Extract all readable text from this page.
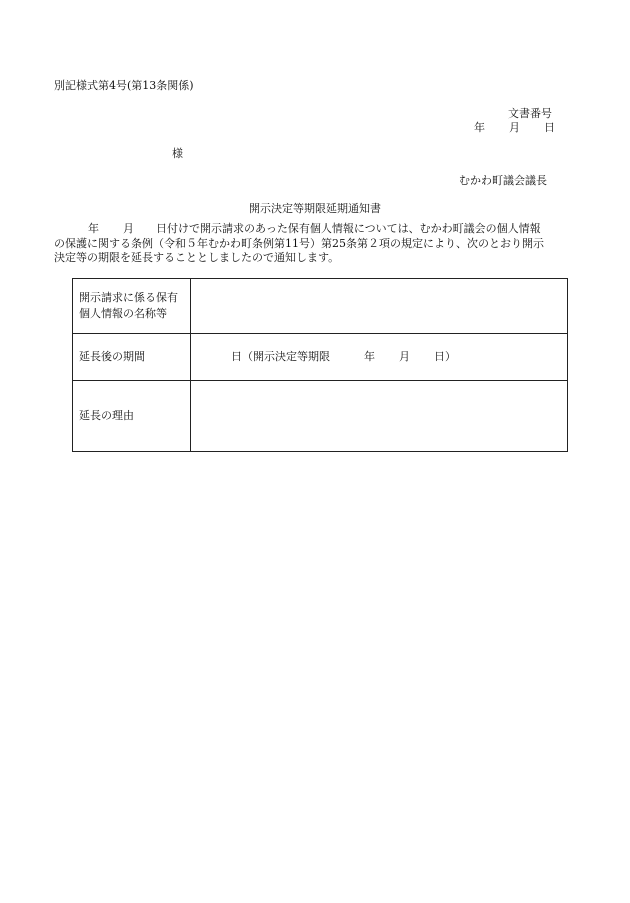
別記様式第4号(第13条関係)
文書番号
年 月 日
様
むかわ町議会議長
開示決定等期限延期通知書
年 月 日付けで開示請求のあった保有個人情報については、むかわ町議会の個人情報
の保護に関する条例（令和５年むかわ町条例第11号）第25条第２項の規定により、次のとおり開示
決定等の期限を延長することとしましたので通知します。
開示請求に係る保有
個人情報の名称等	

延長後の期間	日（開示決定等期限 年 月 日）
延長の理由	
